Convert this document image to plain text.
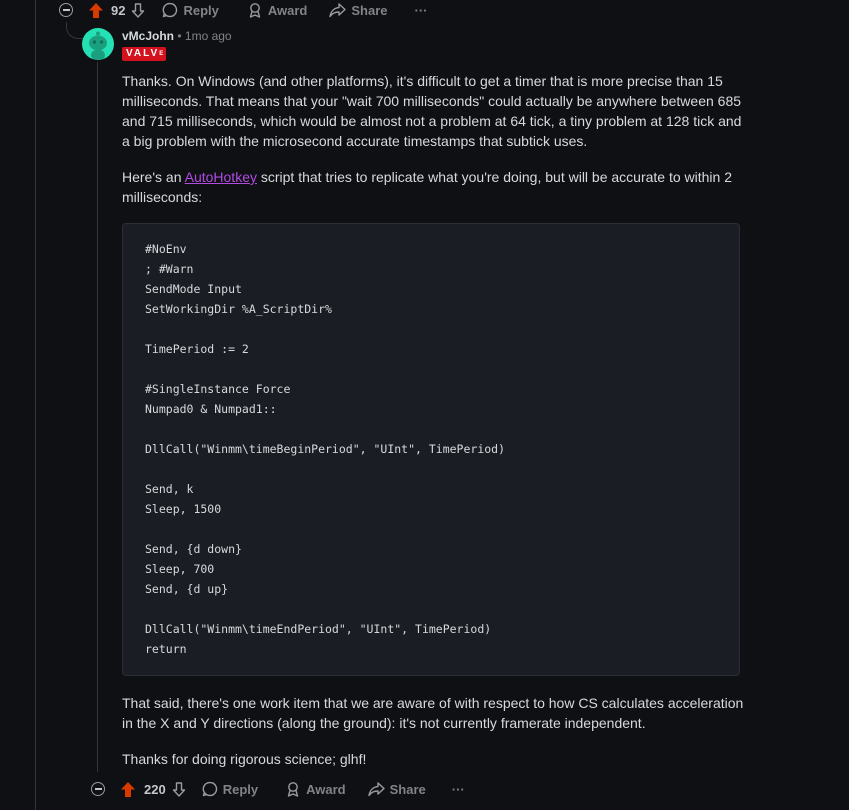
92	Reply	Award	Share ···
vMcJohn • 1mo ago
$VALV^E$

Thanks. On Windows (and other platforms), it's difficult to get a timer that is more precise than 15 milliseconds. That means that your "wait 700 milliseconds" could actually be anywhere between 685 and 715 milliseconds, which would be almost not a problem at 64 tick, a tiny problem at 128 tick and a big problem with the microsecond accurate timestamps that subtick uses.

Here's an AutoHotkey script that tries to replicate what you're doing, but will be accurate to within 2 milliseconds:

#NoEnv
; #Warn
SendMode Input
SetWorkingDir %A_ScriptDir%
TimePeriod := 2
#SingleInstance Force
Numpad0 & Numpad1::
DllCall("Winmm\timeBeginPeriod", "UInt", TimePeriod)
Send, k
Sleep, 1500
Send, {d down}
Sleep, 700
Send, {d up}
DllCall("Winmm\timeEndPeriod", "UInt", TimePeriod)
return

That said, there's one work item that we are aware of with respect to how CS calculates acceleration in the X and Y directions (along the ground): it's not currently framerate independent.

Thanks for doing rigorous science; glhf!

220	Reply	Award	Share ···
